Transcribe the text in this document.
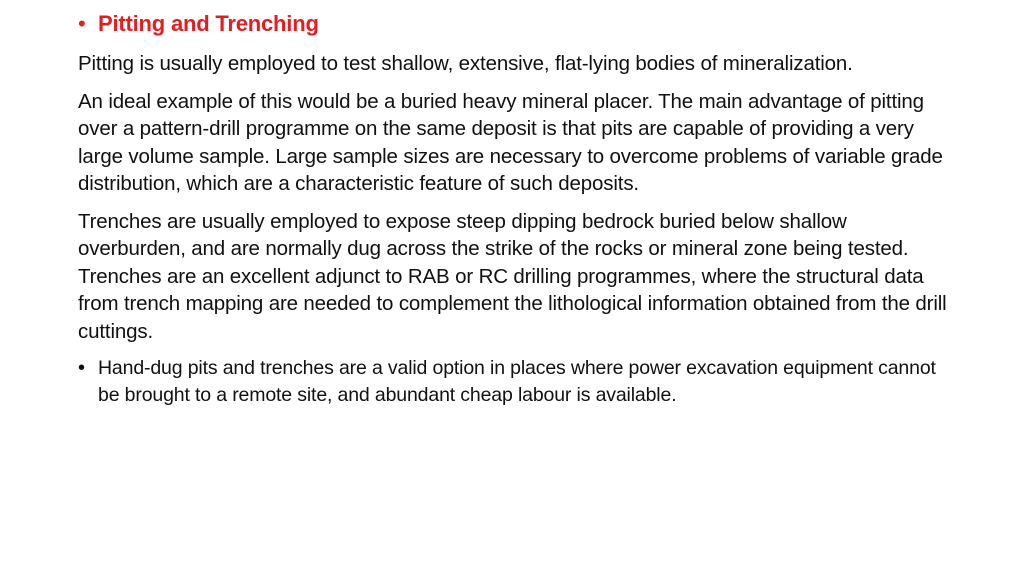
• Pitting and Trenching

Pitting is usually employed to test shallow, extensive, flat-lying bodies of mineralization.

An ideal example of this would be a buried heavy mineral placer. The main advantage of pitting over a pattern-drill programme on the same deposit is that pits are capable of providing a very large volume sample. Large sample sizes are necessary to overcome problems of variable grade distribution, which are a characteristic feature of such deposits.

Trenches are usually employed to expose steep dipping bedrock buried below shallow overburden, and are normally dug across the strike of the rocks or mineral zone being tested. Trenches are an excellent adjunct to RAB or RC drilling programmes, where the structural data from trench mapping are needed to complement the lithological information obtained from the drill cuttings.

• Hand-dug pits and trenches are a valid option in places where power excavation equipment cannot be brought to a remote site, and abundant cheap labour is available.
